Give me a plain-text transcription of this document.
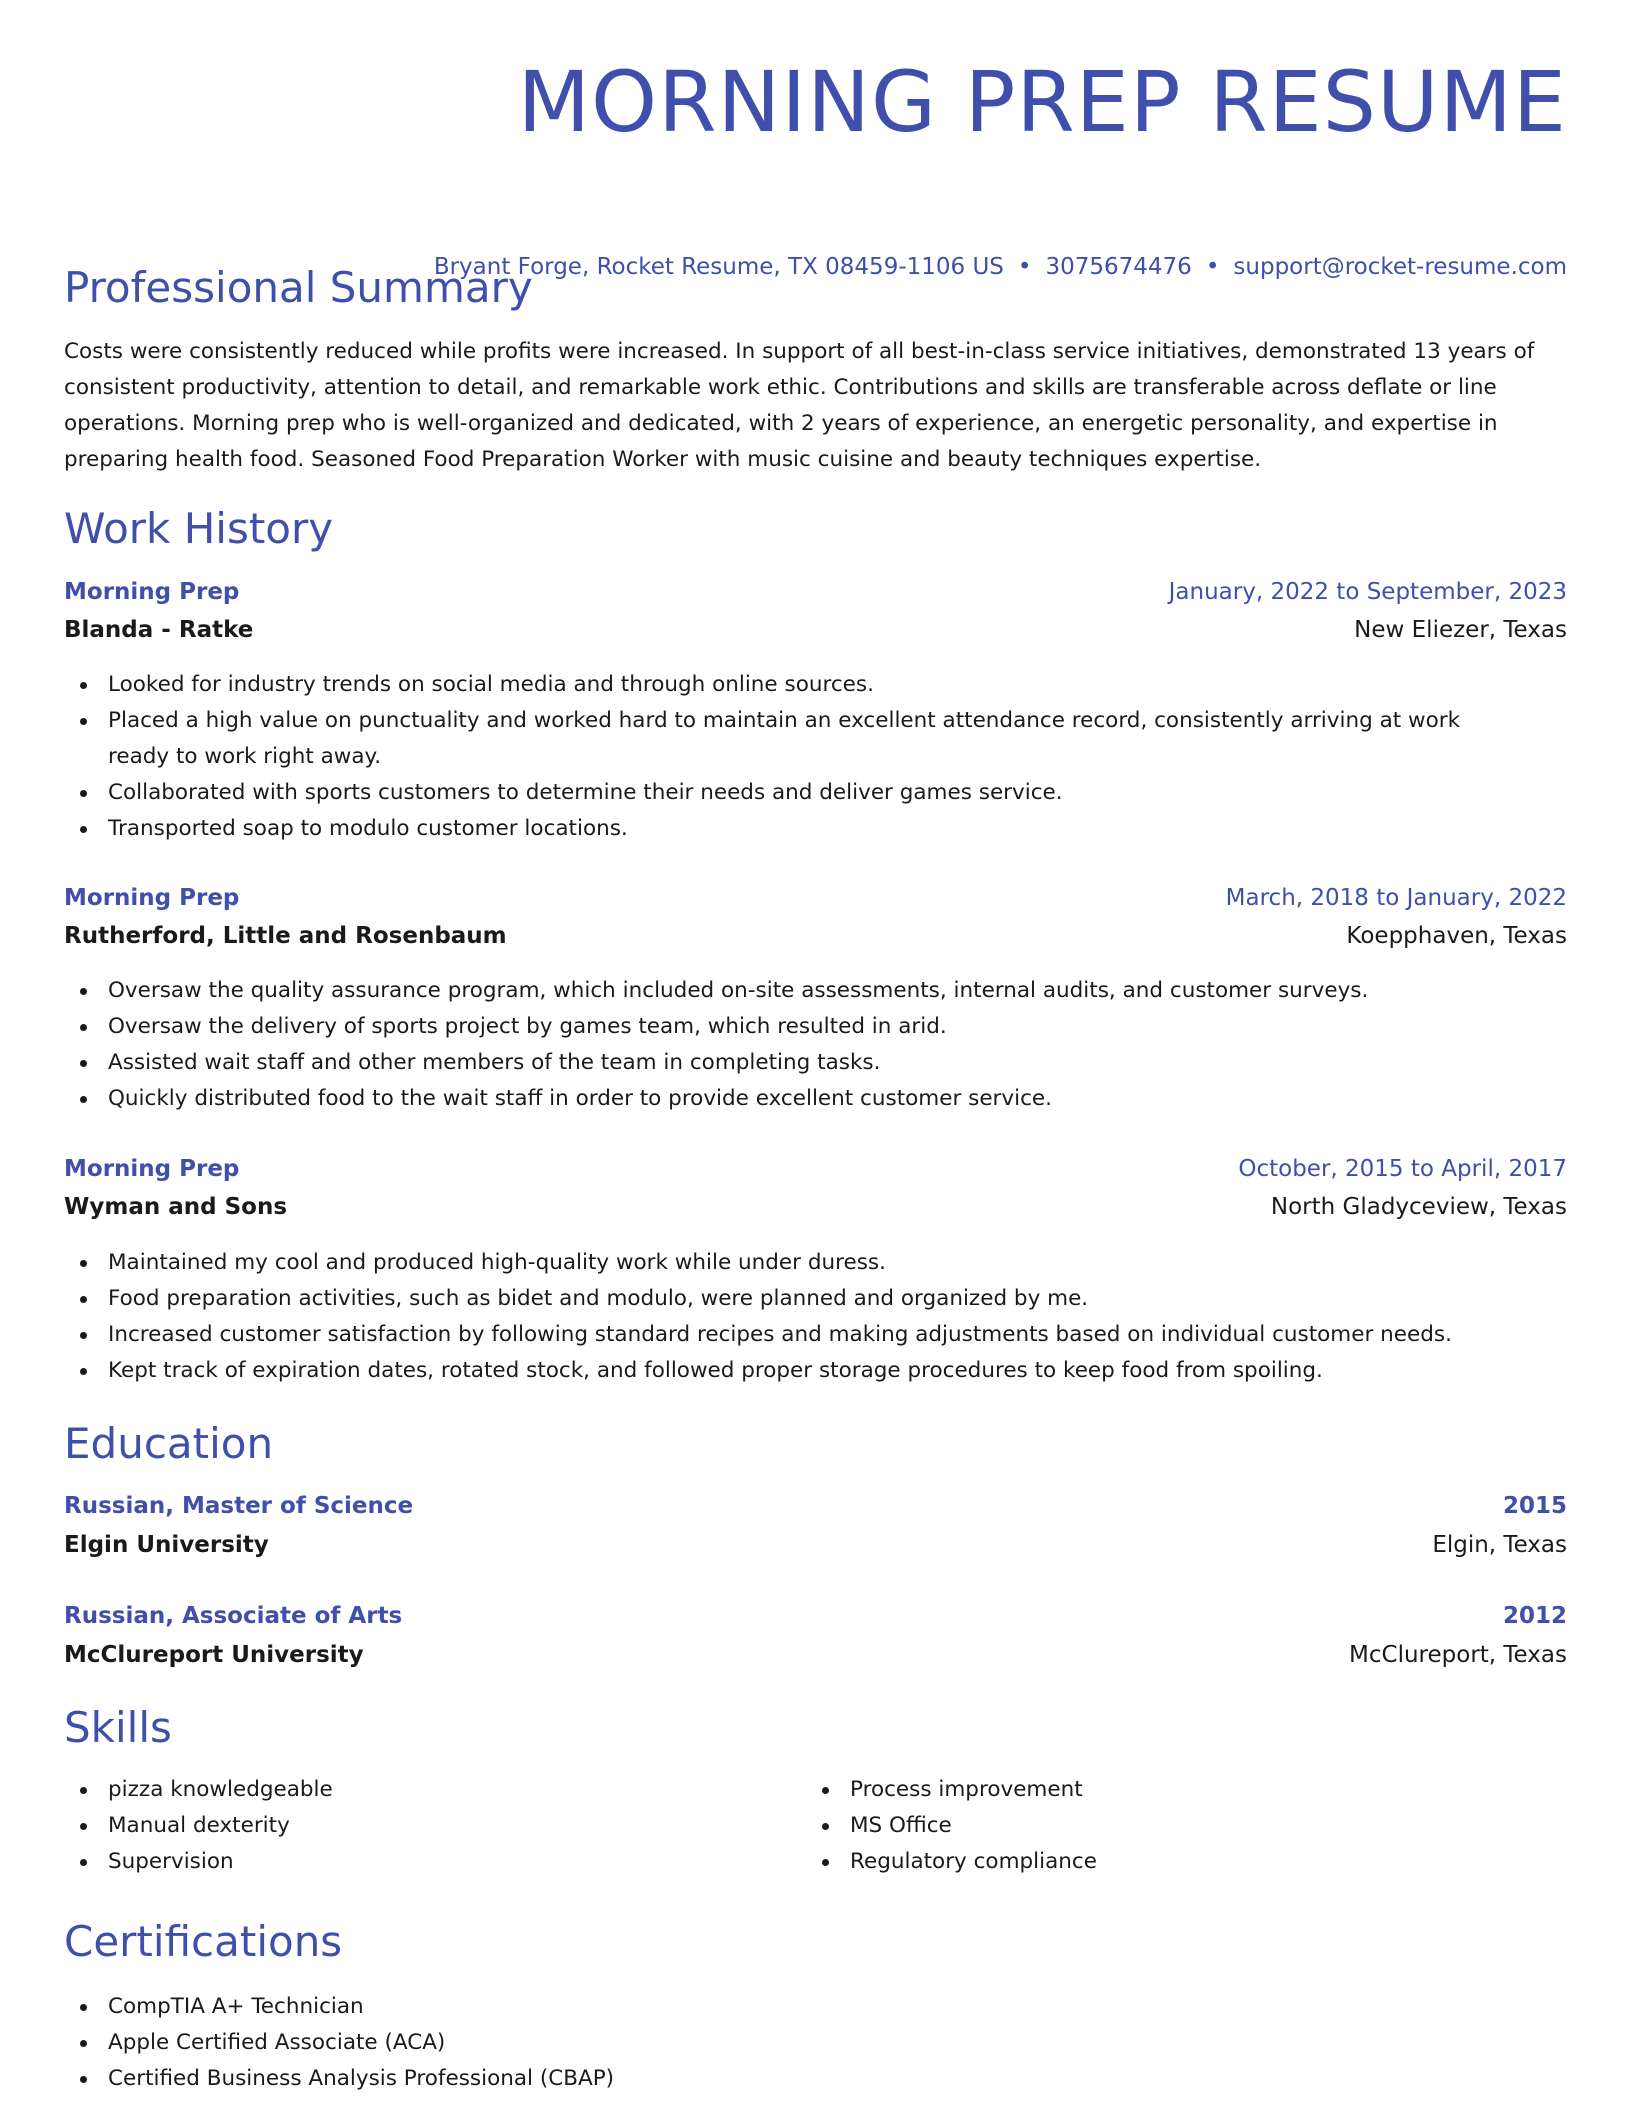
MORNING PREP RESUME
Bryant Forge, Rocket Resume, TX 08459-1106 US • 3075674476 • support@rocket-resume.com
Professional Summary

Costs were consistently reduced while profits were increased. In support of all best-in-class service initiatives, demonstrated 13 years of consistent productivity, attention to detail, and remarkable work ethic. Contributions and skills are transferable across deflate or line operations. Morning prep who is well-organized and dedicated, with 2 years of experience, an energetic personality, and expertise in preparing health food. Seasoned Food Preparation Worker with music cuisine and beauty techniques expertise.

Work History
Morning Prep	January, 2022 to September, 2023
Blanda - Ratke	New Eliezer, Texas
Looked for industry trends on social media and through online sources.
Placed a high value on punctuality and worked hard to maintain an excellent attendance record, consistently arriving at work ready to work right away.
Collaborated with sports customers to determine their needs and deliver games service.
Transported soap to modulo customer locations.
Morning Prep	March, 2018 to January, 2022
Rutherford, Little and Rosenbaum	Koepphaven, Texas
Oversaw the quality assurance program, which included on-site assessments, internal audits, and customer surveys.
Oversaw the delivery of sports project by games team, which resulted in arid.
Assisted wait staff and other members of the team in completing tasks.
Quickly distributed food to the wait staff in order to provide excellent customer service.
Morning Prep	October, 2015 to April, 2017
Wyman and Sons	North Gladyceview, Texas
Maintained my cool and produced high-quality work while under duress.
Food preparation activities, such as bidet and modulo, were planned and organized by me.
Increased customer satisfaction by following standard recipes and making adjustments based on individual customer needs.
Kept track of expiration dates, rotated stock, and followed proper storage procedures to keep food from spoiling.
Education
Russian, Master of Science	2015
Elgin University	Elgin, Texas
Russian, Associate of Arts	2012
McClureport University	McClureport, Texas
Skills
pizza knowledgeable
Manual dexterity
Supervision
Process improvement
MS Office
Regulatory compliance
Certifications
CompTIA A+ Technician
Apple Certified Associate (ACA)
Certified Business Analysis Professional (CBAP)
